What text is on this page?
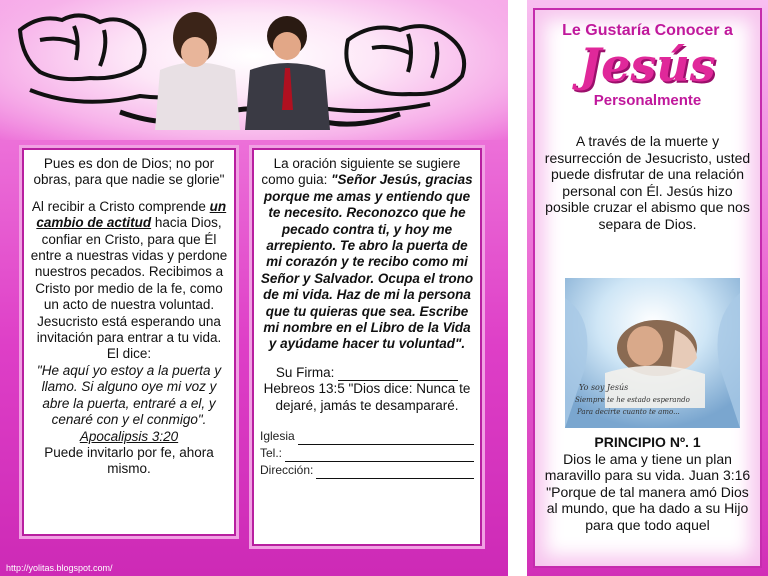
Pues es don de Dios; no por obras, para que nadie se glorie"
Al recibir a Cristo comprende un cambio de actitud hacia Dios, confiar en Cristo, para que Él entre a nuestras vidas y perdone nuestros pecados. Recibimos a Cristo por medio de la fe, como un acto de nuestra voluntad. Jesucristo está esperando una invitación para entrar a tu vida. El dice:
"He aquí yo estoy a la puerta y llamo. Si alguno oye mi voz y abre la puerta, entraré a el, y cenaré con y el conmigo".
Apocalipsis 3:20
Puede invitarlo por fe, ahora mismo.
La oración siguiente se sugiere como guia: "Señor Jesús, gracias porque me amas y entiendo que te necesito. Reconozco que he pecado contra ti, y hoy me arrepiento. Te abro la puerta de mi corazón y te recibo como mi Señor y Salvador. Ocupa el trono de mi vida. Haz de mi la persona que tu quieras que sea. Escribe mi nombre en el Libro de la Vida y ayúdame hacer tu voluntad".
Su Firma:
Hebreos 13:5 "Dios dice: Nunca te dejaré, jamás te desampararé.
Iglesia
Tel.:
Dirección:
http://yolitas.blogspot.com/
Le Gustaría Conocer a
Jesús
Personalmente
A través de la muerte y resurrección de Jesucristo, usted puede disfrutar de una relación personal con Él. Jesús hizo posible cruzar el abismo que nos separa de Dios.
Yo soy Jesús
Siempre te he estado esperando
Para decirte cuanto te amo...
PRINCIPIO Nº. 1
Dios le ama y tiene un plan maravillo para su vida. Juan 3:16 "Porque de tal manera amó Dios al mundo, que ha dado a su Hijo para que todo aquel
